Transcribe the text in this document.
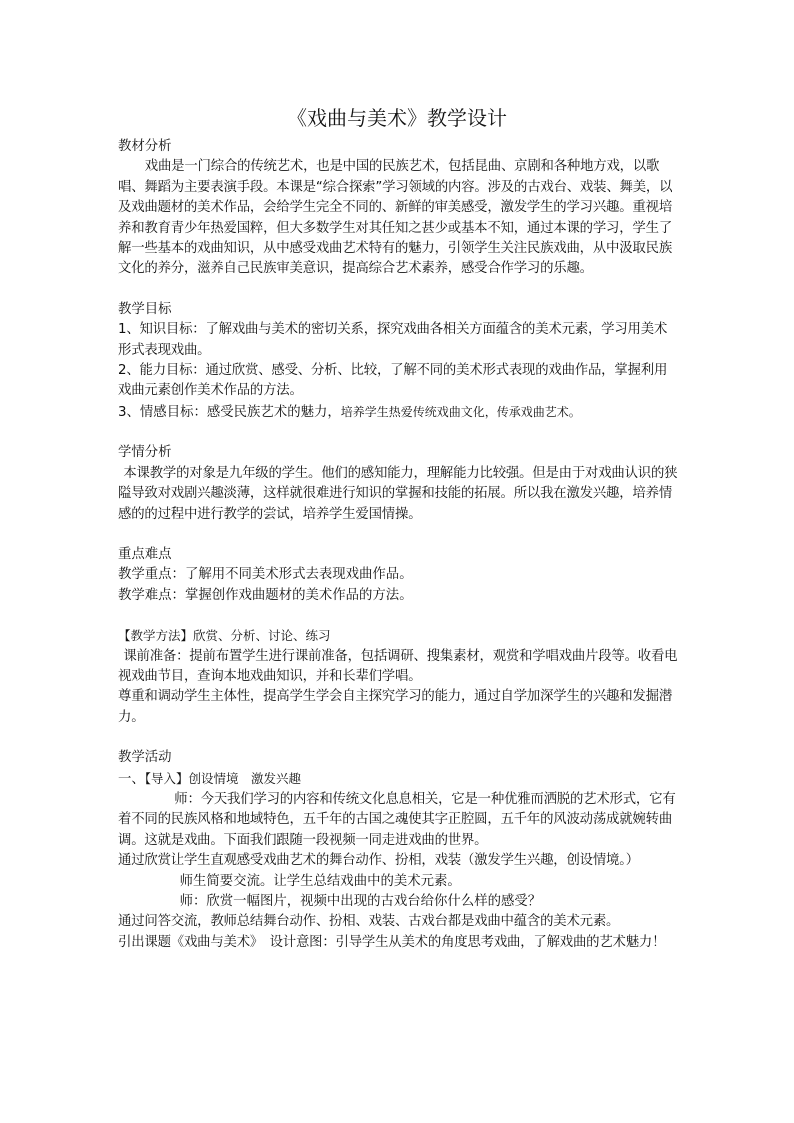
《戏曲与美术》教学设计

教材分析

戏曲是一门综合的传统艺术，也是中国的民族艺术，包括昆曲、京剧和各种地方戏，以歌唱、舞蹈为主要表演手段。本课是“综合探索”学习领域的内容。涉及的古戏台、戏装、舞美，以及戏曲题材的美术作品，会给学生完全不同的、新鲜的审美感受，激发学生的学习兴趣。重视培养和教育青少年热爱国粹，但大多数学生对其任知之甚少或基本不知，通过本课的学习，学生了解一些基本的戏曲知识，从中感受戏曲艺术特有的魅力，引领学生关注民族戏曲，从中汲取民族文化的养分，滋养自己民族审美意识，提高综合艺术素养，感受合作学习的乐趣。

教学目标

1、知识目标：了解戏曲与美术的密切关系，探究戏曲各相关方面蕴含的美术元素，学习用美术形式表现戏曲。

2、能力目标：通过欣赏、感受、分析、比较，了解不同的美术形式表现的戏曲作品，掌握利用戏曲元素创作美术作品的方法。

3、情感目标：感受民族艺术的魅力，培养学生热爱传统戏曲文化，传承戏曲艺术。

学情分析

本课教学的对象是九年级的学生。他们的感知能力，理解能力比较强。但是由于对戏曲认识的狭隘导致对戏剧兴趣淡薄，这样就很难进行知识的掌握和技能的拓展。所以我在激发兴趣，培养情感的的过程中进行教学的尝试，培养学生爱国情操。

重点难点

教学重点：了解用不同美术形式去表现戏曲作品。

教学难点：掌握创作戏曲题材的美术作品的方法。

【教学方法】欣赏、分析、讨论、练习

课前准备：提前布置学生进行课前准备，包括调研、搜集素材，观赏和学唱戏曲片段等。收看电视戏曲节目，查询本地戏曲知识，并和长辈们学唱。

尊重和调动学生主体性，提高学生学会自主探究学习的能力，通过自学加深学生的兴趣和发掘潜力。

教学活动

一、【导入】创设情境　激发兴趣

师：今天我们学习的内容和传统文化息息相关，它是一种优雅而洒脱的艺术形式，它有着不同的民族风格和地域特色，五千年的古国之魂使其字正腔圆，五千年的风波动荡成就婉转曲调。这就是戏曲。下面我们跟随一段视频一同走进戏曲的世界。

通过欣赏让学生直观感受戏曲艺术的舞台动作、扮相，戏装（激发学生兴趣，创设情境。）

师生简要交流。让学生总结戏曲中的美术元素。

师：欣赏一幅图片，视频中出现的古戏台给你什么样的感受？

通过问答交流，教师总结舞台动作、扮相、戏装、古戏台都是戏曲中蕴含的美术元素。

引出课题《戏曲与美术》　设计意图：引导学生从美术的角度思考戏曲，了解戏曲的艺术魅力！
